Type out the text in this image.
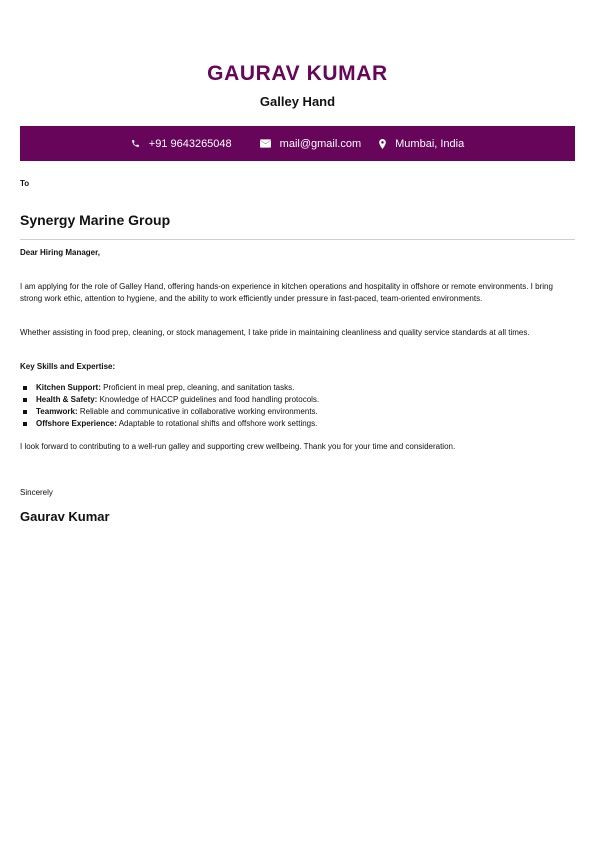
GAURAV KUMAR
Galley Hand
+91 9643265048	mail@gmail.com	Mumbai, India
To
Synergy Marine Group
Dear Hiring Manager,
I am applying for the role of Galley Hand, offering hands-on experience in kitchen operations and hospitality in offshore or remote environments. I bring strong work ethic, attention to hygiene, and the ability to work efficiently under pressure in fast-paced, team-oriented environments.
Whether assisting in food prep, cleaning, or stock management, I take pride in maintaining cleanliness and quality service standards at all times.
Key Skills and Expertise:
Kitchen Support: Proficient in meal prep, cleaning, and sanitation tasks.
Health & Safety: Knowledge of HACCP guidelines and food handling protocols.
Teamwork: Reliable and communicative in collaborative working environments.
Offshore Experience: Adaptable to rotational shifts and offshore work settings.
I look forward to contributing to a well-run galley and supporting crew wellbeing. Thank you for your time and consideration.
Sincerely
Gaurav Kumar
